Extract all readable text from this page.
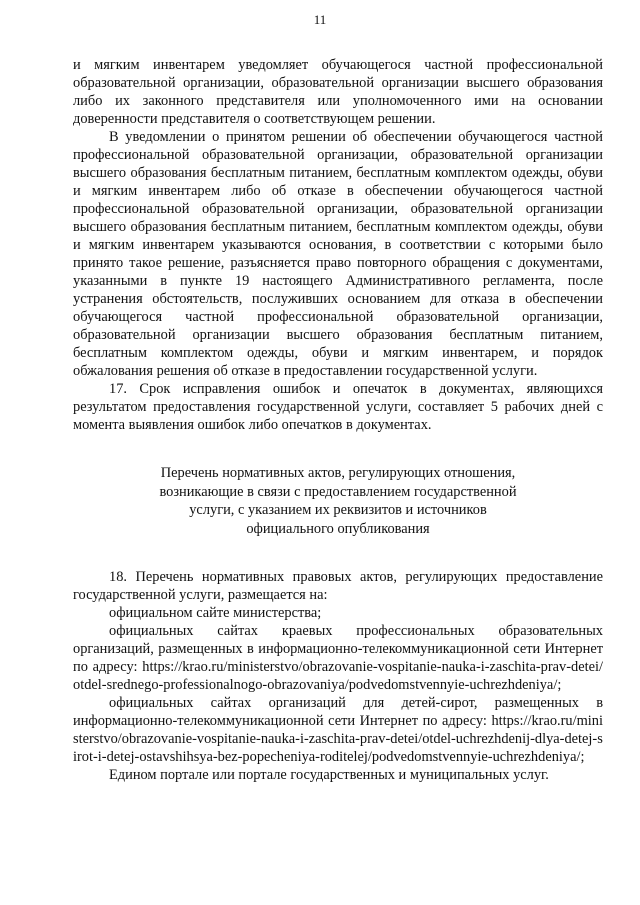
11

и мягким инвентарем уведомляет обучающегося частной профессиональной образовательной организации, образовательной организации высшего образования либо их законного представителя или уполномоченного ими на основании доверенности представителя о соответствующем решении.

В уведомлении о принятом решении об обеспечении обучающегося частной профессиональной образовательной организации, образовательной организации высшего образования бесплатным питанием, бесплатным комплектом одежды, обуви и мягким инвентарем либо об отказе в обеспечении обучающегося частной профессиональной образовательной организации, образовательной организации высшего образования бесплатным питанием, бесплатным комплектом одежды, обуви и мягким инвентарем указываются основания, в соответствии с которыми было принято такое решение, разъясняется право повторного обращения с документами, указанными в пункте 19 настоящего Административного регламента, после устранения обстоятельств, послуживших основанием для отказа в обеспечении обучающегося частной профессиональной образовательной организации, образовательной организации высшего образования бесплатным питанием, бесплатным комплектом одежды, обуви и мягким инвентарем, и порядок обжалования решения об отказе в предоставлении государственной услуги.

17. Срок исправления ошибок и опечаток в документах, являющихся результатом предоставления государственной услуги, составляет 5 рабочих дней с момента выявления ошибок либо опечатков в документах.

Перечень нормативных актов, регулирующих отношения,
возникающие в связи с предоставлением государственной
услуги, с указанием их реквизитов и источников
официального опубликования

18. Перечень нормативных правовых актов, регулирующих предоставление государственной услуги, размещается на:

официальном сайте министерства;

официальных сайтах краевых профессиональных образовательных организаций, размещенных в информационно-телекоммуникационной сети Интернет по адресу: https://krao.ru/ministerstvo/obrazovanie-vospitanie-nauka-i-zaschita-prav-detei/otdel-srednego-professionalnogo-obrazovaniya/podvedomstvennyie-uchrezhdeniya/;

официальных сайтах организаций для детей-сирот, размещенных в информационно-телекоммуникационной сети Интернет по адресу: https://krao.ru/ministerstvo/obrazovanie-vospitanie-nauka-i-zaschita-prav-detei/otdel-uchrezhdenij-dlya-detej-sirot-i-detej-ostavshihsya-bez-popecheniya-roditelej/podvedomstvennyie-uchrezhdeniya/;

Едином портале или портале государственных и муниципальных услуг.
